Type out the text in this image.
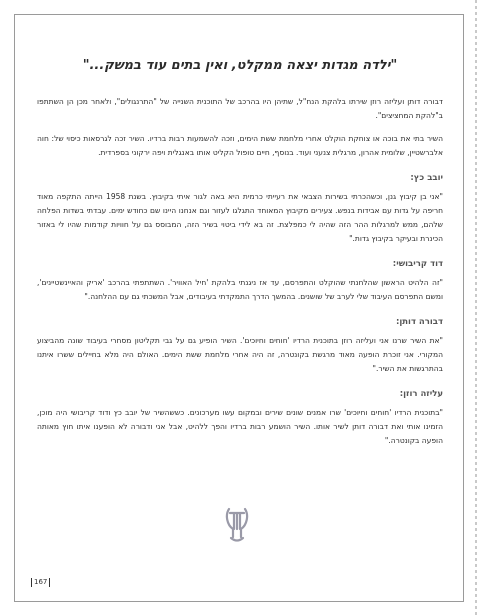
"ילדה מגדות יצאה ממקלט, ואין בתים עוד במשק..."

דבורה דותן ועליזה רוזן שירתו בלהקת הנח"ל, שתיהן היו בהרכב של התוכנית השנייה של "התרנגולים", ולאחר מכן הן השתתפו ב"להקת המחציצים".

השיר בתי את בוכה או צוחקת הוקלט אחרי מלחמת ששת הימים, וזכה להשמעות רבות ברדיו. השיר זכה לגרסאות כיסוי של: חוה אלברשטיין, שלומית אהרון, מרגלית צנעני ועוד. בנוסף, חיים טופול הקליט אותו באנגלית ויפה ירקוני בספרדית.

יובב כץ:

"אני בן קיבוץ גנן, וכשהכרתי בשירות הצבאי את רעייתי כרמית היא באה לגור איתי בקיבוץ. בשנת 1958 הייתה התקפה מאוד חריפה על גדות עם אבידות בנפש. צעירים מקיבוץ המאוחד התגלגו לעזור וגם אנחנו היינו שם כחודש ימים. עבדתי בשדות הפלחה שלהם, ממש למרגלות ההר הזה שהיה לי כמפלצת. זה בא לידי ביטוי בשיר הזה, המבוסס גם על חוויות קודמות שהיו לי באזור הכינרת ובעיקר בקיבוץ גדות."

דוד קריבושי:

"זה הלהיט הראשון שהלחנתי שהוקלט והתפרסם, עד אז ניגנתי בלהקת 'חיל האוויר'. השתתפתי בהרכב 'אריק והאיינשטיינים', ומשם התפרסם העיבוד שלי לערב של שושנים. בהמשך הדרך התמקדתי בעיבודים, אבל המשכתי גם עם ההלחנה."

דבורה דותן:

"את השיר שרנו אני ועליזה רוזן בתוכנית הרדיו 'חוחים וחיוכים'. השיר הופיע גם על גבי תקליטון מסחרי בעיבוד שונה מהביצוע המקורי. אני זוכרת הופעה מאוד מרגשת בקונטרה, זה היה אחרי מלחמת ששת הימים. האולם היה מלא בחיילים ששרו איתנו בהתרגשות את השיר."

עליזה רוזן:

"בתוכנית הרדיו 'חוחים וחיוכים' שרו אמנים שונים שירים ובמקום עשו מערכונים. כששהשיר של יובב כץ ודוד קריבושי היה מוכן, הזמינו אותי ואת דבורה דותן לשיר אותו. השיר הושמע רבות ברדיו והפך ללהיט, אבל אני ודבורה לא הופענו איתו חוץ מאותה הופעה בקונטרה."

167
